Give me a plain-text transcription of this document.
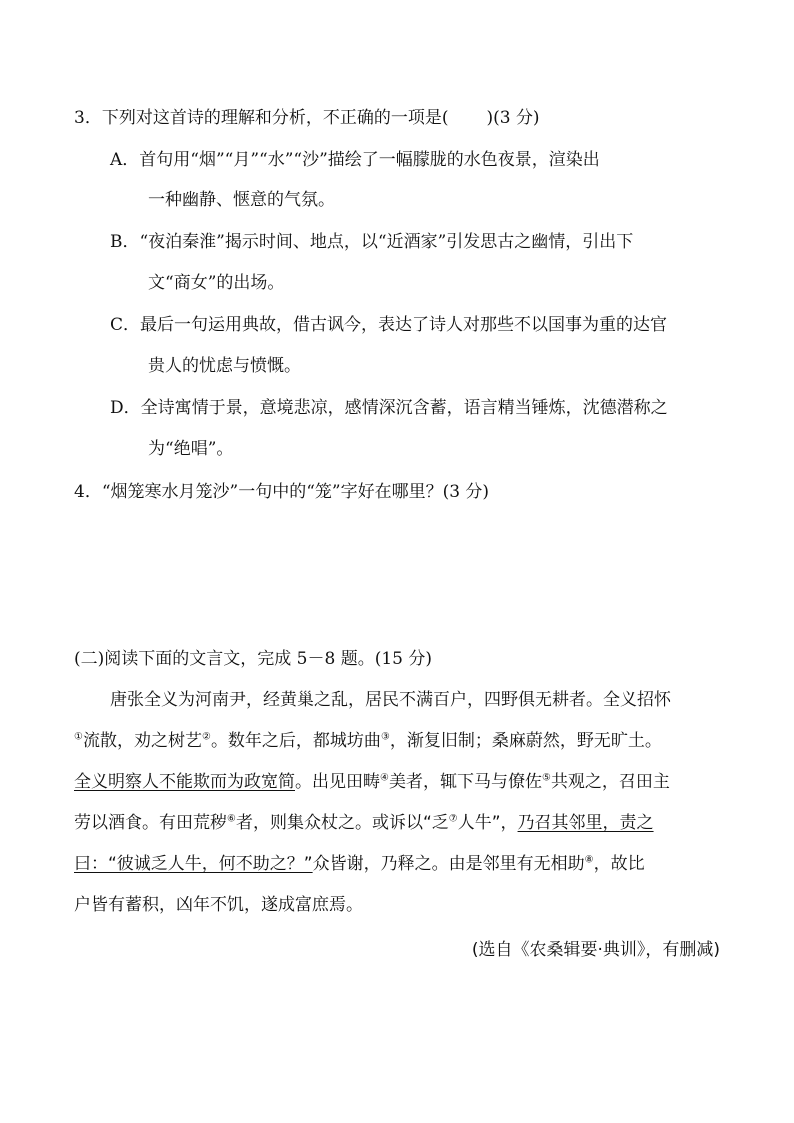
3．下列对这首诗的理解和分析，不正确的一项是( )(3 分)
A．首句用“烟”“月”“水”“沙”描绘了一幅朦胧的水色夜景，渲染出
一种幽静、惬意的气氛。
B．“夜泊秦淮”揭示时间、地点，以“近酒家”引发思古之幽情，引出下
文“商女”的出场。
C．最后一句运用典故，借古讽今，表达了诗人对那些不以国事为重的达官
贵人的忧虑与愤慨。
D．全诗寓情于景，意境悲凉，感情深沉含蓄，语言精当锤炼，沈德潜称之
为“绝唱”。
4．“烟笼寒水月笼沙”一句中的“笼”字好在哪里？(3 分)
(二)阅读下面的文言文，完成 5－8 题。(15 分)
唐张全义为河南尹，经黄巢之乱，居民不满百户，四野俱无耕者。全义招怀
①流散，劝之树艺②。数年之后，都城坊曲③，渐复旧制；桑麻蔚然，野无旷土。
全义明察人不能欺而为政宽简。出见田畴④美者，辄下马与僚佐⑤共观之，召田主
劳以酒食。有田荒秽⑥者，则集众杖之。或诉以“乏⑦人牛”，乃召其邻里，责之
曰：“彼诚乏人牛，何不助之？”众皆谢，乃释之。由是邻里有无相助⑧，故比
户皆有蓄积，凶年不饥，遂成富庶焉。
(选自《农桑辑要·典训》，有删减)
